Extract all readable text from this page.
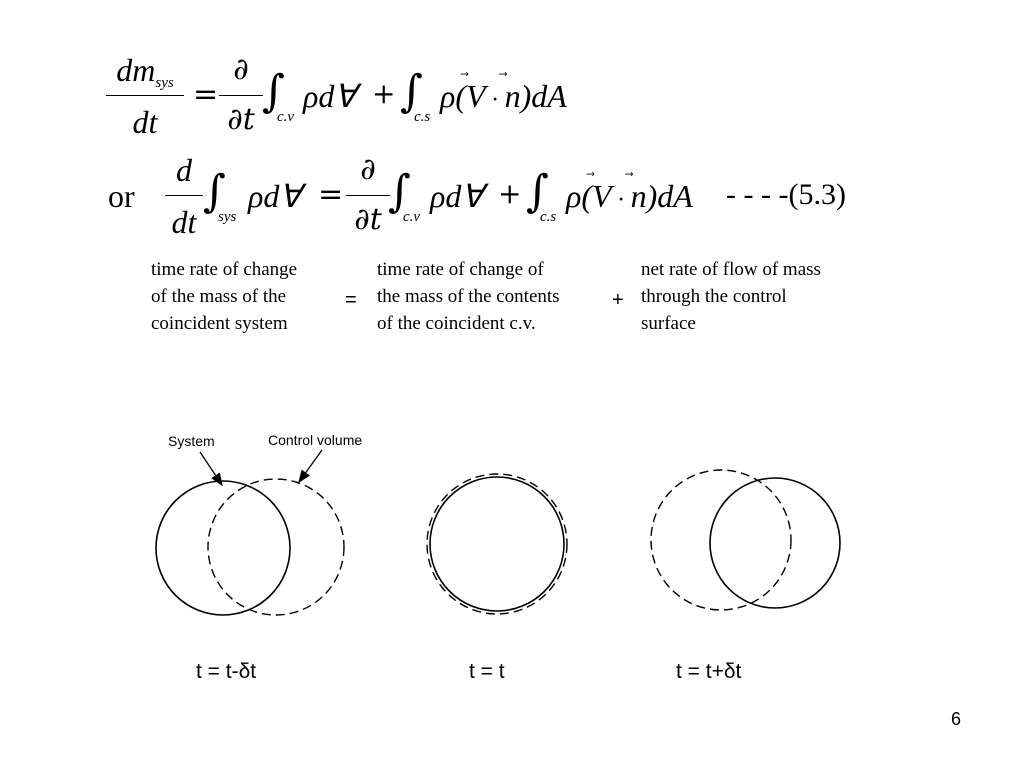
dmsys
dt
=
∂
∂t
∫
c.v
ρd∀ + ∫
c.s
ρ(
V · n)dA
or
d
dt
∫
sys
ρd∀ =
∂
∂t
∫
c.v
ρd∀ + ∫
c.s
ρ(
V · n)dA - - - -(5.3)
time rate of change
of the mass of the
coincident system
=
time rate of change of
the mass of the contents
of the coincident c.v.
+
net rate of flow of mass
through the control
surface
System	Control volume
t = t-δt	t = t	t = t+δt
6
